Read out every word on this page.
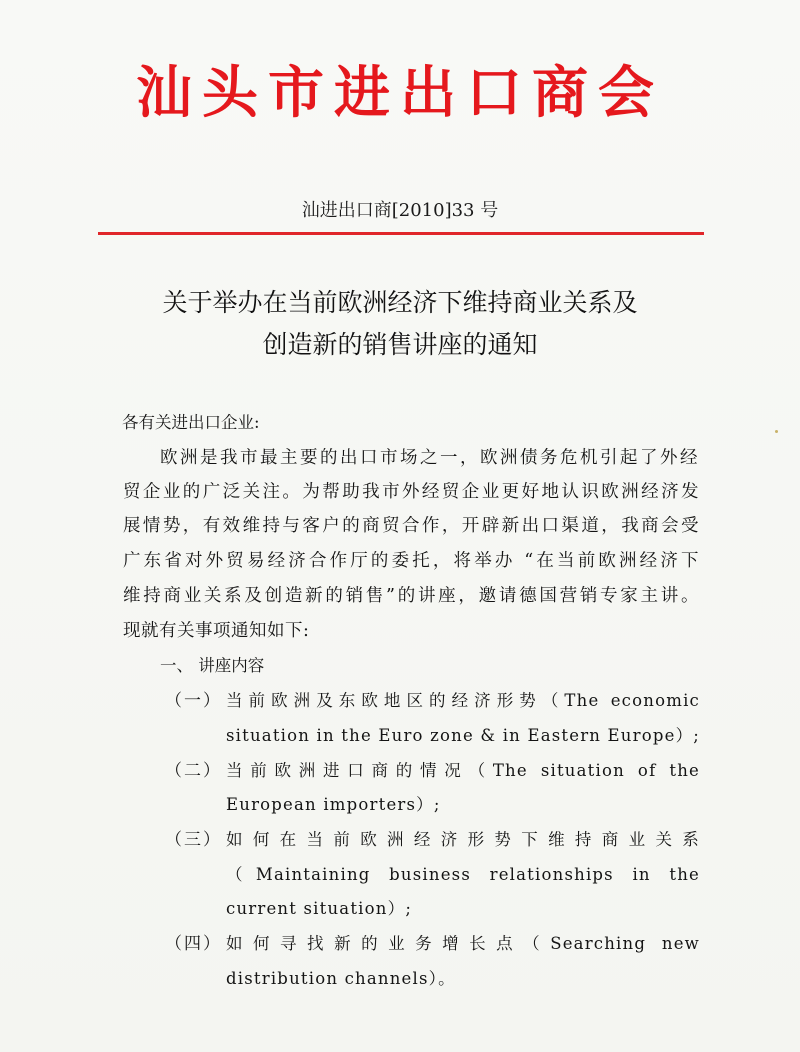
汕头市进出口商会
汕进出口商[2010]33 号
关于举办在当前欧洲经济下维持商业关系及
创造新的销售讲座的通知
各有关进出口企业:
欧洲是我市最主要的出口市场之一，欧洲债务危机引起了外经
贸企业的广泛关注。为帮助我市外经贸企业更好地认识欧洲经济发
展情势，有效维持与客户的商贸合作，开辟新出口渠道，我商会受
广东省对外贸易经济合作厅的委托，将举办 “在当前欧洲经济下
维持商业关系及创造新的销售”的讲座，邀请德国营销专家主讲。
现就有关事项通知如下:
一、 讲座内容
（一） 当前欧洲及东欧地区的经济形势（The economic
situation in the Euro zone & in Eastern Europe）;
（二） 当前欧洲进口商的情况（The situation of the
European importers）;
（三） 如何在当前欧洲经济形势下维持商业关系
（Maintaining business relationships in the
current situation）;
（四） 如何寻找新的业务增长点（Searching new
distribution channels）。
